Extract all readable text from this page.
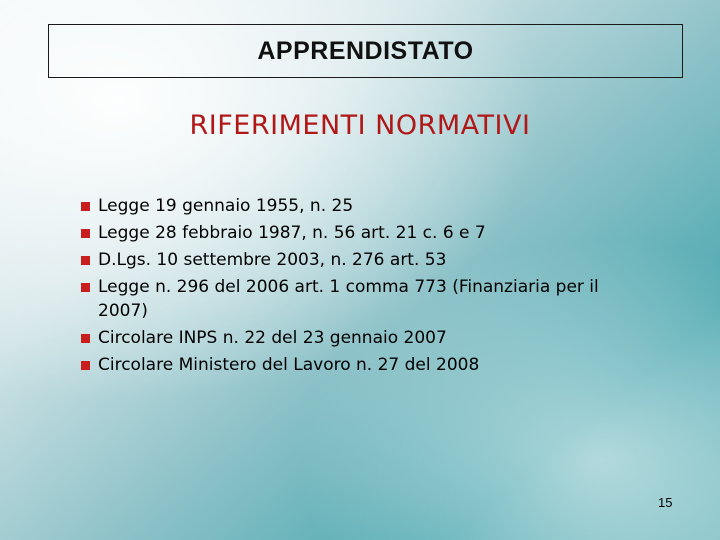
APPRENDISTATO
RIFERIMENTI NORMATIVI
Legge 19 gennaio 1955, n. 25
Legge 28 febbraio 1987, n. 56 art. 21 c. 6 e 7
D.Lgs. 10 settembre 2003, n. 276 art. 53
Legge n. 296 del 2006 art. 1 comma 773 (Finanziaria per il 2007)
Circolare INPS n. 22 del 23 gennaio 2007
Circolare Ministero del Lavoro n. 27 del 2008
15
